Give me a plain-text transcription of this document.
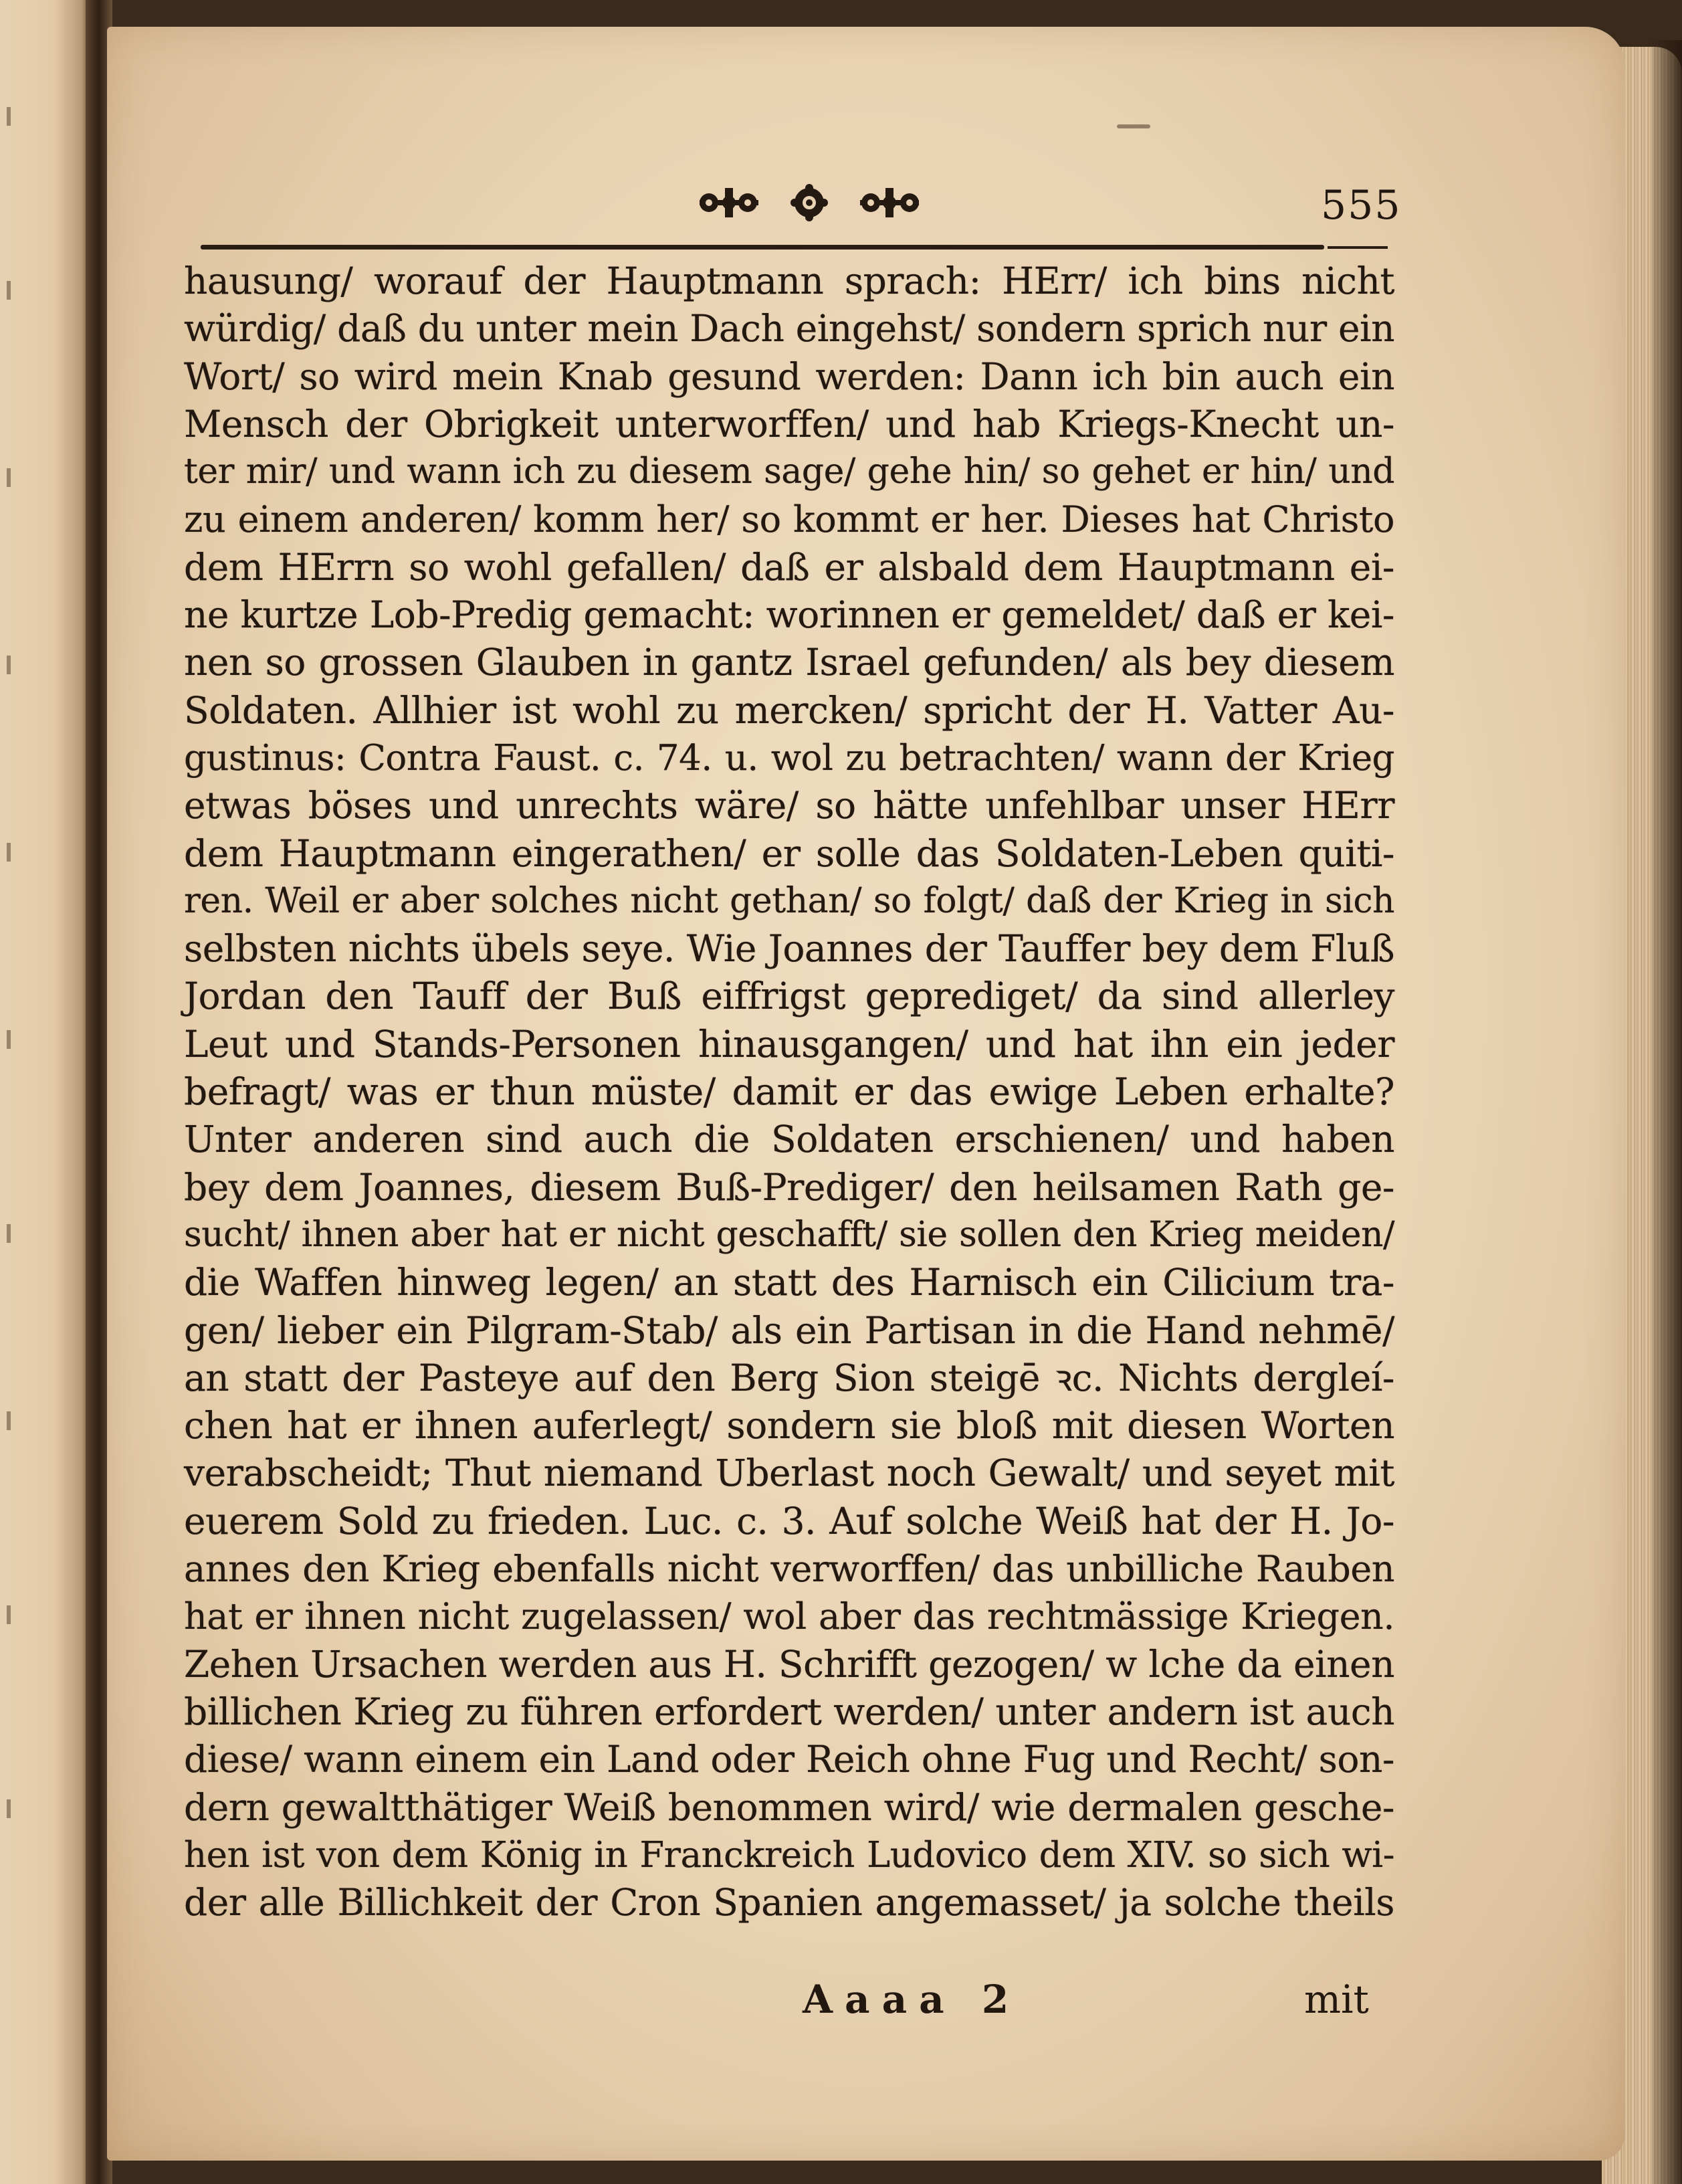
555
hausung/ worauf der Hauptmann sprach: HErr/ ich bins nicht
würdig/ daß du unter mein Dach eingehst/ sondern sprich nur ein
Wort/ so wird mein Knab gesund werden: Dann ich bin auch ein
Mensch der Obrigkeit unterworffen/ und hab Kriegs-Knecht un-
ter mir/ und wann ich zu diesem sage/ gehe hin/ so gehet er hin/ und
zu einem anderen/ komm her/ so kommt er her. Dieses hat Christo
dem HErrn so wohl gefallen/ daß er alsbald dem Hauptmann ei-
ne kurtze Lob-Predig gemacht: worinnen er gemeldet/ daß er kei-
nen so grossen Glauben in gantz Israel gefunden/ als bey diesem
Soldaten. Allhier ist wohl zu mercken/ spricht der H. Vatter Au-
gustinus: Contra Faust. c. 74. u. wol zu betrachten/ wann der Krieg
etwas böses und unrechts wäre/ so hätte unfehlbar unser HErr
dem Hauptmann eingerathen/ er solle das Soldaten-Leben quiti-
ren. Weil er aber solches nicht gethan/ so folgt/ daß der Krieg in sich
selbsten nichts übels seye. Wie Joannes der Tauffer bey dem Fluß
Jordan den Tauff der Buß eiffrigst geprediget/ da sind allerley
Leut und Stands-Personen hinausgangen/ und hat ihn ein jeder
befragt/ was er thun müste/ damit er das ewige Leben erhalte?
Unter anderen sind auch die Soldaten erschienen/ und haben
bey dem Joannes, diesem Buß-Prediger/ den heilsamen Rath ge-
sucht/ ihnen aber hat er nicht geschafft/ sie sollen den Krieg meiden/
die Waffen hinweg legen/ an statt des Harnisch ein Cilicium tra-
gen/ lieber ein Pilgram-Stab/ als ein Partisan in die Hand nehmē/
an statt der Pasteye auf den Berg Sion steigē ꝛc. Nichts dergleí-
chen hat er ihnen auferlegt/ sondern sie bloß mit diesen Worten
verabscheidt; Thut niemand Uberlast noch Gewalt/ und seyet mit
euerem Sold zu frieden. Luc. c. 3. Auf solche Weiß hat der H. Jo-
annes den Krieg ebenfalls nicht verworffen/ das unbilliche Rauben
hat er ihnen nicht zugelassen/ wol aber das rechtmässige Kriegen.
Zehen Ursachen werden aus H. Schrifft gezogen/ w lche da einen
billichen Krieg zu führen erfordert werden/ unter andern ist auch
diese/ wann einem ein Land oder Reich ohne Fug und Recht/ son-
dern gewaltthätiger Weiß benommen wird/ wie dermalen gesche-
hen ist von dem König in Franckreich Ludovico dem XIV. so sich wi-
der alle Billichkeit der Cron Spanien angemasset/ ja solche theils
Aaaa 2	mit
